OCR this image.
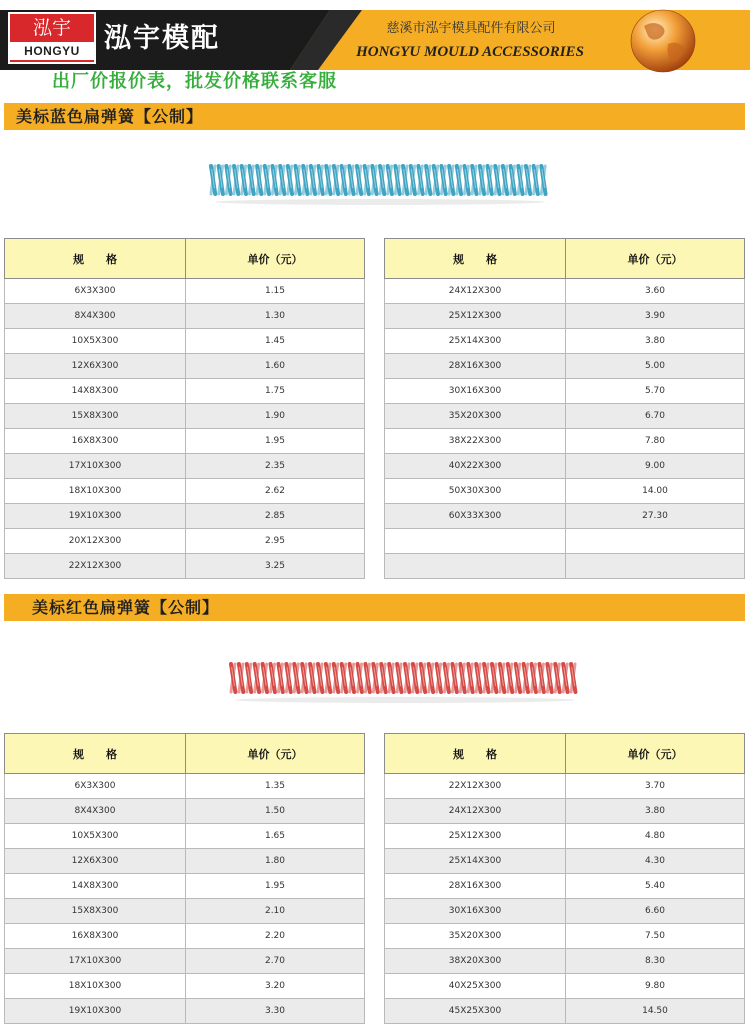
泓宇
HONGYU 泓宇模配	慈溪市泓宇模具配件有限公司
HONGYU MOULD ACCESSORIES
出厂价报价表，批发价格联系客服
美标蓝色扁弹簧【公制】
规　　格	单价（元）
6X3X300	1.15
8X4X300	1.30
10X5X300	1.45
12X6X300	1.60
14X8X300	1.75
15X8X300	1.90
16X8X300	1.95
17X10X300	2.35
18X10X300	2.62
19X10X300	2.85
20X12X300	2.95
22X12X300	3.25
规　　格	单价（元）
24X12X300	3.60
25X12X300	3.90
25X14X300	3.80
28X16X300	5.00
30X16X300	5.70
35X20X300	6.70
38X22X300	7.80
40X22X300	9.00
50X30X300	14.00
60X33X300	27.30

美标红色扁弹簧【公制】
规　　格	单价（元）
6X3X300	1.35
8X4X300	1.50
10X5X300	1.65
12X6X300	1.80
14X8X300	1.95
15X8X300	2.10
16X8X300	2.20
17X10X300	2.70
18X10X300	3.20
19X10X300	3.30
规　　格	单价（元）
22X12X300	3.70
24X12X300	3.80
25X12X300	4.80
25X14X300	4.30
28X16X300	5.40
30X16X300	6.60
35X20X300	7.50
38X20X300	8.30
40X25X300	9.80
45X25X300	14.50
